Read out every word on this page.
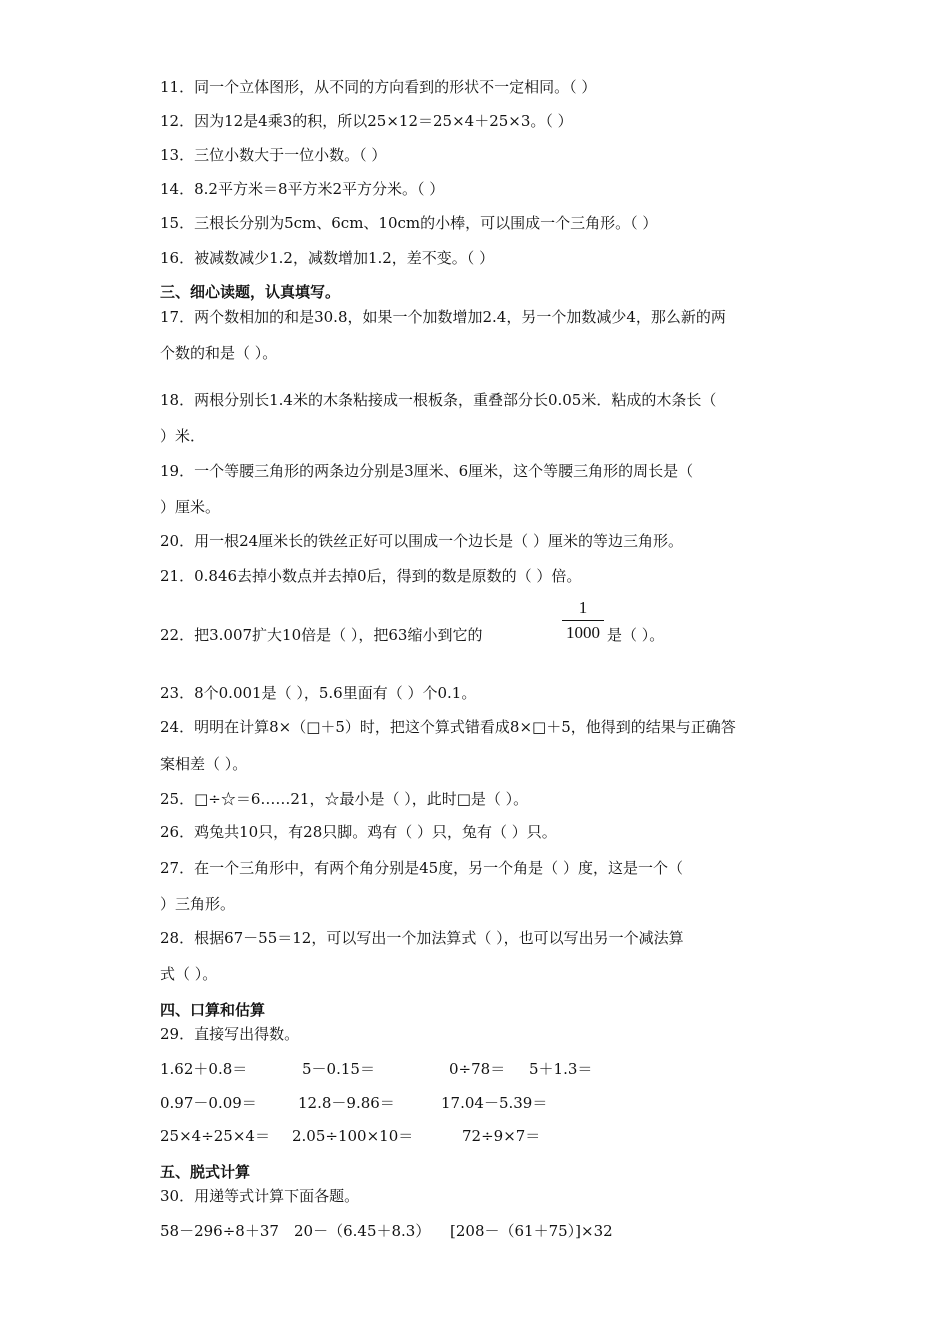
11．同一个立体图形，从不同的方向看到的形状不一定相同。（ ）
12．因为12是4乘3的积，所以25×12＝25×4＋25×3。（ ）
13．三位小数大于一位小数。（ ）
14．8.2平方米＝8平方米2平方分米。（ ）
15．三根长分别为5cm、6cm、10cm的小棒，可以围成一个三角形。（ ）
16．被减数减少1.2，减数增加1.2，差不变。（ ）
三、细心读题，认真填写。
17．两个数相加的和是30.8，如果一个加数增加2.4，另一个加数减少4，那么新的两
个数的和是（ ）。
18．两根分别长1.4米的木条粘接成一根板条，重叠部分长0.05米．粘成的木条长（
）米．
19．一个等腰三角形的两条边分别是3厘米、6厘米，这个等腰三角形的周长是（
）厘米。
20．用一根24厘米长的铁丝正好可以围成一个边长是（ ）厘米的等边三角形。
21．0.846去掉小数点并去掉0后，得到的数是原数的（ ）倍。
22．把3.007扩大10倍是（ ），把63缩小到它的
1
1000 是（ ）。
23．8个0.001是（ ），5.6里面有（ ）个0.1。
24．明明在计算8×（□＋5）时，把这个算式错看成8×□＋5，他得到的结果与正确答
案相差（ ）。
25．□÷☆＝6……21，☆最小是（ ），此时□是（ ）。
26．鸡兔共10只，有28只脚。鸡有（ ）只，兔有（ ）只。
27．在一个三角形中，有两个角分别是45度，另一个角是（ ）度，这是一个（
）三角形。
28．根据67－55＝12，可以写出一个加法算式（ ），也可以写出另一个减法算
式（ ）。
四、口算和估算
29．直接写出得数。
1.62＋0.8＝	5－0.15＝	0÷78＝ 5＋1.3＝
0.97－0.09＝	12.8－9.86＝	17.04－5.39＝
25×4÷25×4＝ 2.05÷100×10＝	72÷9×7＝
五、脱式计算
30．用递等式计算下面各题。
58－296÷8＋37 20－（6.45＋8.3） [208－（61＋75）]×32
